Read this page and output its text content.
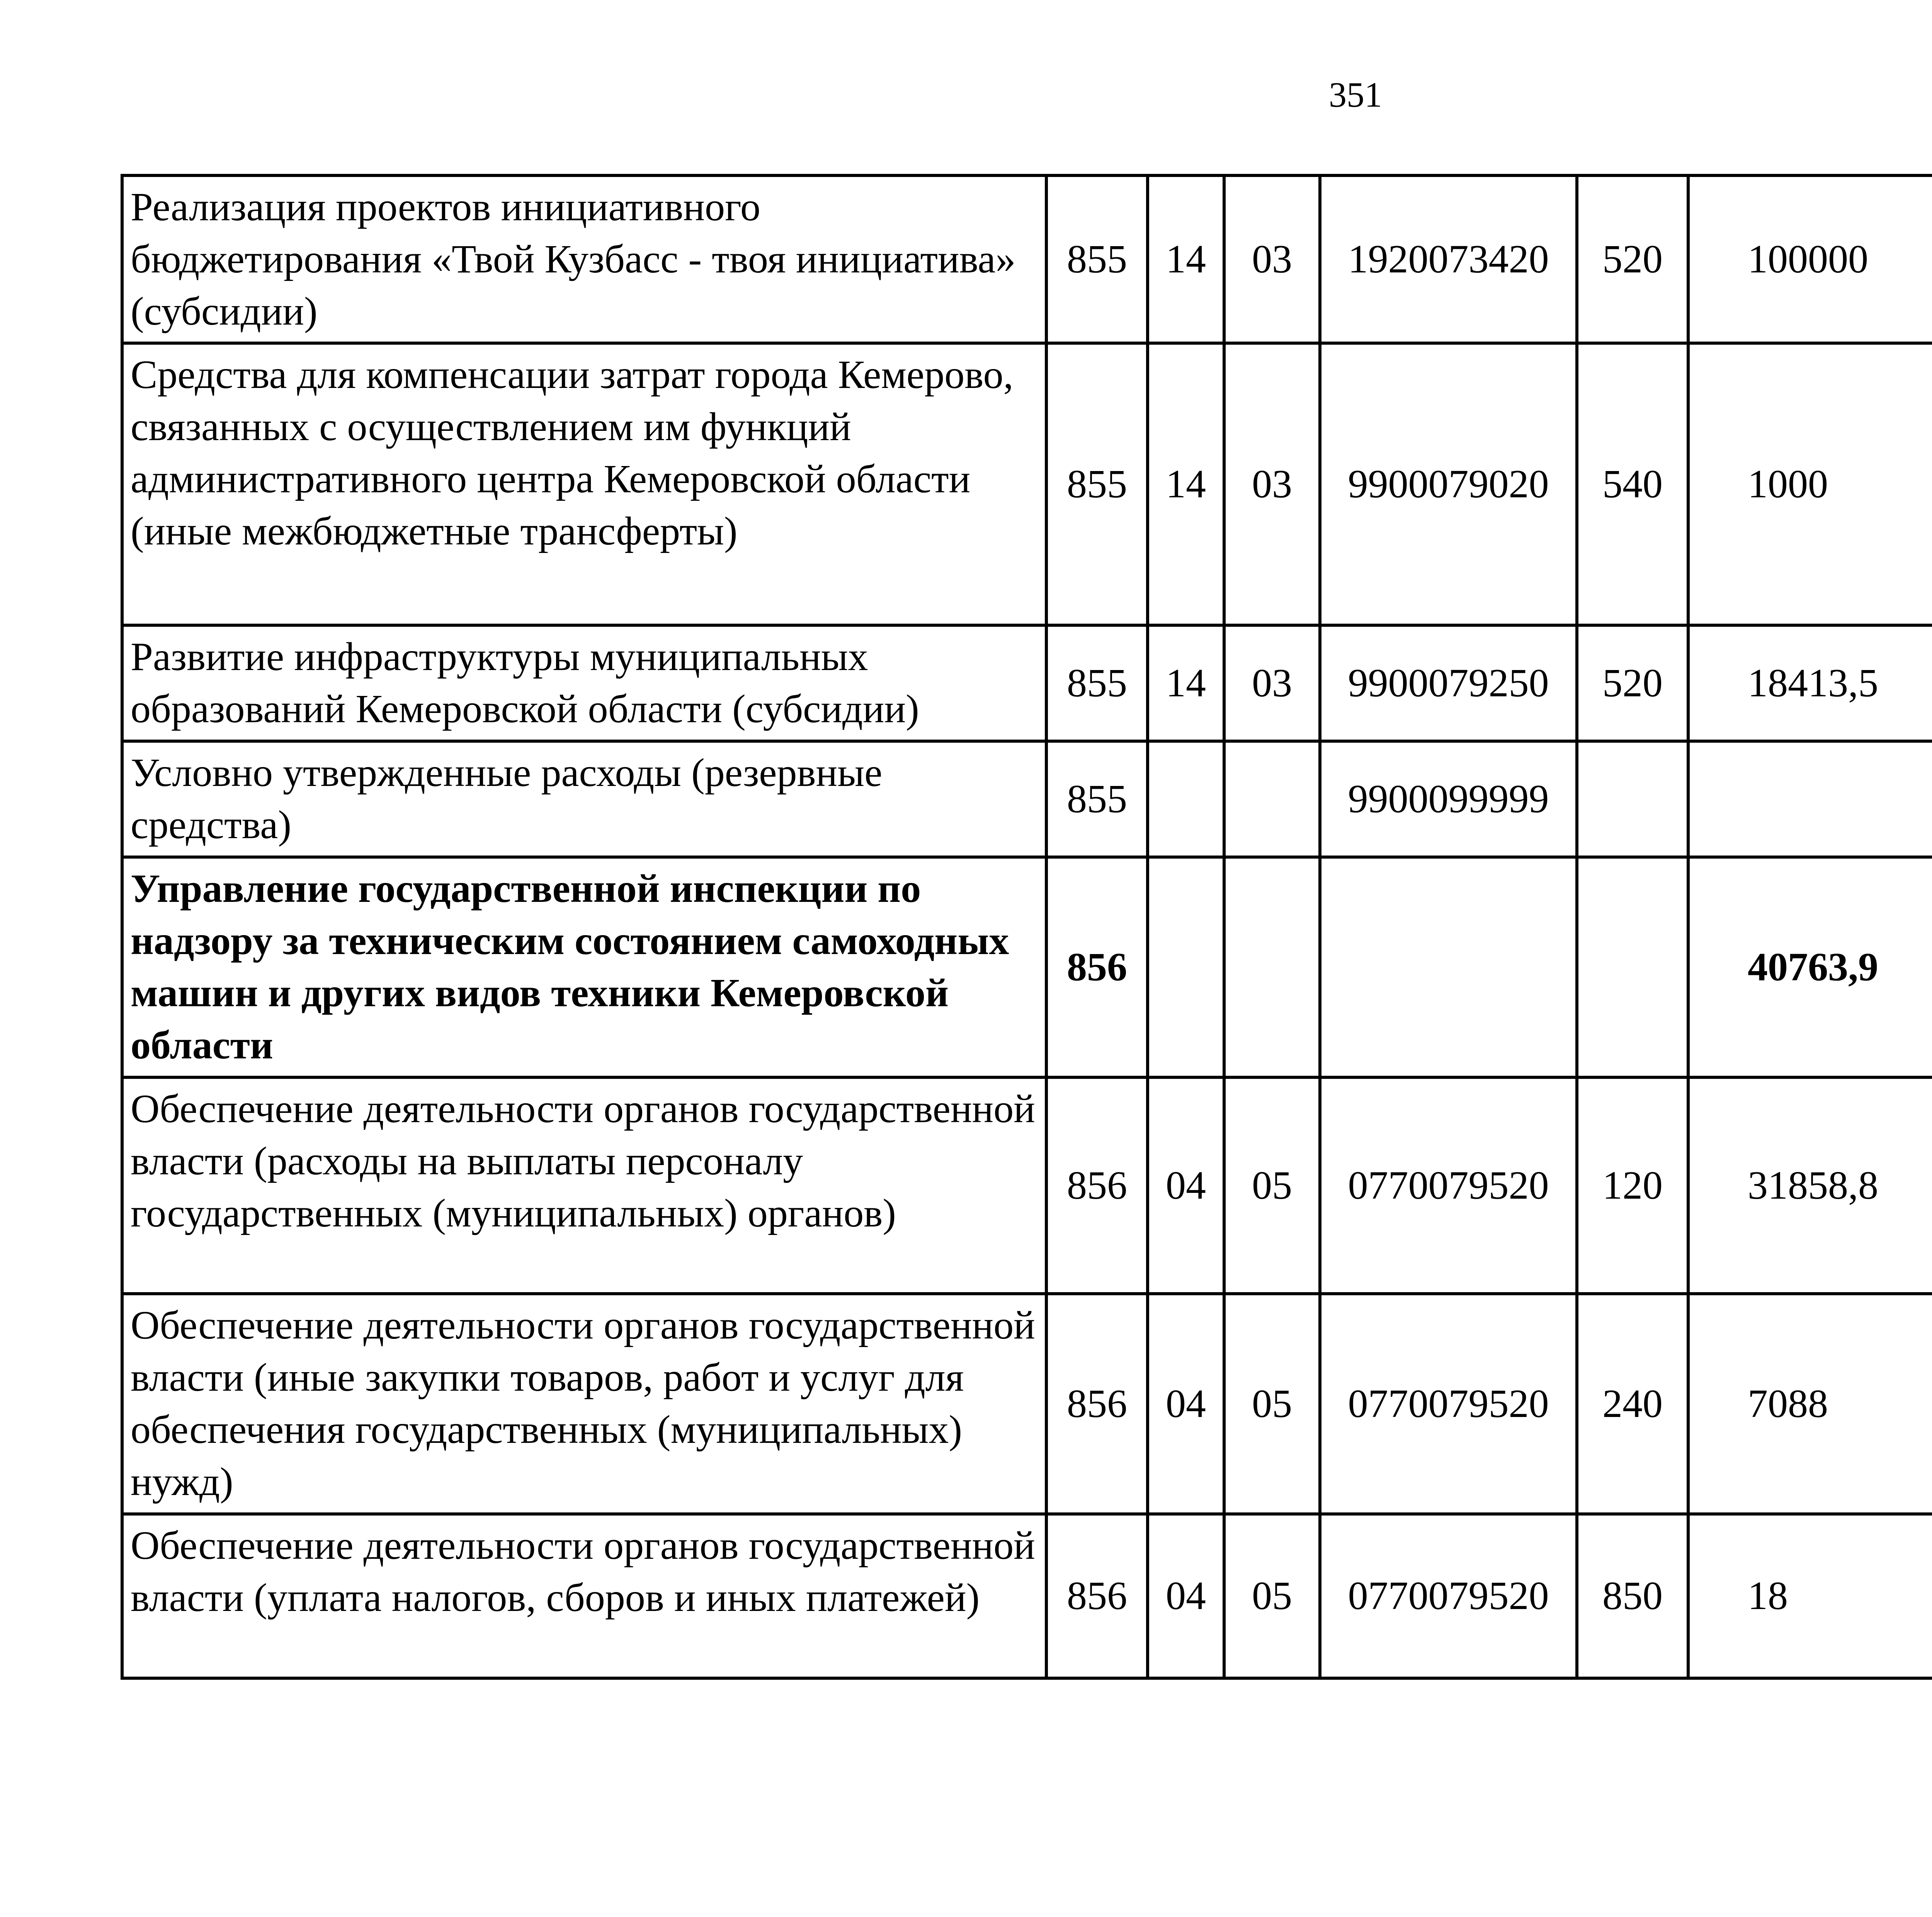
351
Реализация проектов инициативного бюджетирования «Твой Кузбасс - твоя инициатива» (субсидии)	855	14	03	1920073420	520	100000		
Средства для компенсации затрат города Кемерово, связанных с осуществлением им функций административного центра Кемеровской области (иные межбюджетные трансферты)	855	14	03	9900079020	540	1000		
Развитие инфраструктуры муниципальных образований Кемеровской области (субсидии)	855	14	03	9900079250	520	18413,5		
Условно утвержденные расходы (резервные средства)	855			9900099999				
Управление государственной инспекции по надзору за техническим состоянием самоходных машин и других видов техники Кемеровской области	856					40763,9		
Обеспечение деятельности органов государственной власти (расходы на выплаты персоналу государственных (муниципальных) органов)	856	04	05	0770079520	120	31858,8		
Обеспечение деятельности органов государственной власти (иные закупки товаров, работ и услуг для обеспечения государственных (муниципальных) нужд)	856	04	05	0770079520	240	7088		
Обеспечение деятельности органов государственной власти (уплата налогов, сборов и иных платежей)	856	04	05	0770079520	850	18		
